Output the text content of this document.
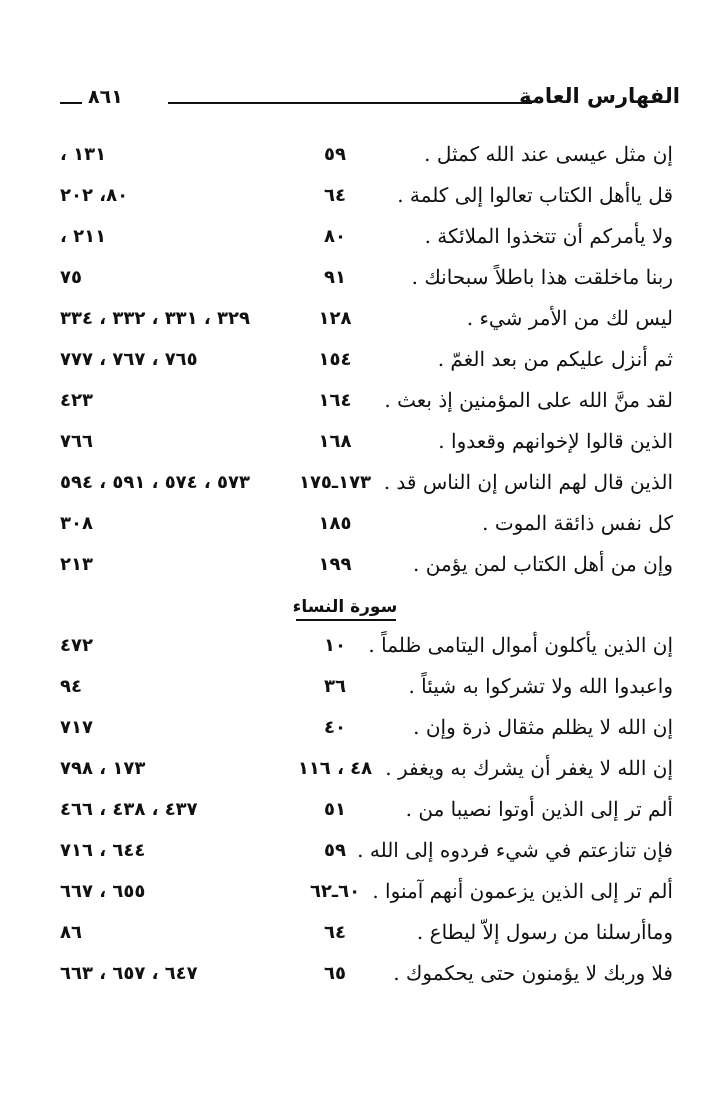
الفهارس العامة
٨٦١
إن مثل عيسى عند الله كمثل .
٥٩
١٣١ ،
قل ياأهل الكتاب تعالوا إلى كلمة .
٦٤
٨٠، ٢٠٢
ولا يأمركم أن تتخذوا الملائكة .
٨٠
٢١١ ،
ربنا ماخلقت هذا باطلاً سبحانك .
٩١
٧٥
ليس لك من الأمر شيء .
١٢٨
٣٢٩ ، ٣٣١ ، ٣٣٢ ، ٣٣٤
ثم أنزل عليكم من بعد الغمّ .
١٥٤
٧٦٥ ، ٧٦٧ ، ٧٧٧
لقد منَّ الله على المؤمنين إذ بعث .
١٦٤
٤٢٣
الذين قالوا لإخوانهم وقعدوا .
١٦٨
٧٦٦
الذين قال لهم الناس إن الناس قد .
١٧٣ـ١٧٥
٥٧٣ ، ٥٧٤ ، ٥٩١ ، ٥٩٤
كل نفس ذائقة الموت .
١٨٥
٣٠٨
وإن من أهل الكتاب لمن يؤمن .
١٩٩
٢١٣
سورة النساء
إن الذين يأكلون أموال اليتامى ظلماً .
١٠
٤٧٢
واعبدوا الله ولا تشركوا به شيئاً .
٣٦
٩٤
إن الله لا يظلم مثقال ذرة وإن .
٤٠
٧١٧
إن الله لا يغفر أن يشرك به ويغفر .
٤٨ ، ١١٦
١٧٣ ، ٧٩٨
ألم تر إلى الذين أوتوا نصيبا من .
٥١
٤٣٧ ، ٤٣٨ ، ٤٦٦
فإن تنازعتم في شيء فردوه إلى الله .
٥٩
٦٤٤ ، ٧١٦
ألم تر إلى الذين يزعمون أنهم آمنوا .
٦٠ـ٦٢
٦٥٥ ، ٦٦٧
وماأرسلنا من رسول إلاّ ليطاع .
٦٤
٨٦
فلا وربك لا يؤمنون حتى يحكموك .
٦٥
٦٤٧ ، ٦٥٧ ، ٦٦٣
